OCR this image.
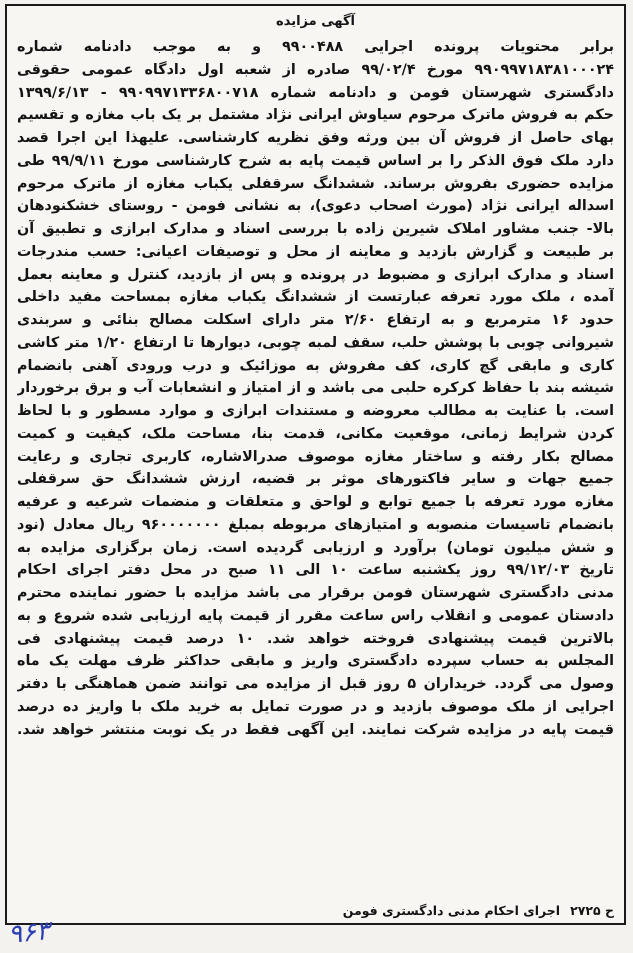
آگهی مزایده
برابر محتویات پرونده اجرایی ۹۹۰۰۴۸۸ و به موجب دادنامه شماره
۹۹۰۹۹۷۱۸۳۸۱۰۰۰۲۴ مورخ ۹۹/۰۲/۴ صادره از شعبه اول دادگاه عمومی حقوقی
دادگستری شهرستان فومن و دادنامه شماره ۹۹۰۹۹۷۱۳۳۶۸۰۰۷۱۸ - ۱۳۹۹/۶/۱۳
حکم به فروش ماترک مرحوم سیاوش ایرانی نژاد مشتمل بر یک باب مغازه و تقسیم
بهای حاصل از فروش آن بین ورثه وفق نظریه کارشناسی. علیهذا این اجرا قصد
دارد ملک فوق الذکر را بر اساس قیمت پایه به شرح کارشناسی مورخ ۹۹/۹/۱۱ طی
مزایده حضوری بفروش برساند. ششدانگ سرقفلی یکباب مغازه از ماترک مرحوم
اسداله ایرانی نژاد (مورث اصحاب دعوی)، به نشانی فومن - روستای خشکنودهان
بالا- جنب مشاور املاک شیرین زاده با بررسی اسناد و مدارک ابرازی و تطبیق آن
بر طبیعت و گزارش بازدید و معاینه از محل و توصیفات اعیانی: حسب مندرجات
اسناد و مدارک ابرازی و مضبوط در پرونده و پس از بازدید، کنترل و معاینه بعمل
آمده ، ملک مورد تعرفه عبارتست از ششدانگ یکباب مغازه بمساحت مفید داخلی
حدود ۱۶ مترمربع و به ارتفاع ۲/۶۰ متر دارای اسکلت مصالح بنائی و سربندی
شیروانی چوبی با پوشش حلب، سقف لمبه چوبی، دیوارها تا ارتفاع ۱/۲۰ متر کاشی
کاری و مابقی گچ کاری، کف مفروش به موزائیک و درب ورودی آهنی بانضمام
شیشه بند با حفاظ کرکره حلبی می باشد و از امتیاز و انشعابات آب و برق برخوردار
است. با عنایت به مطالب معروضه و مستندات ابرازی و موارد مسطور و با لحاظ
کردن شرایط زمانی، موقعیت مکانی، قدمت بنا، مساحت ملک، کیفیت و کمیت
مصالح بکار رفته و ساختار مغازه موصوف صدرالاشاره، کاربری تجاری و رعایت
جمیع جهات و سایر فاکتورهای موثر بر قضیه، ارزش ششدانگ حق سرقفلی
مغازه مورد تعرفه با جمیع توابع و لواحق و متعلقات و منضمات شرعیه و عرفیه
بانضمام تاسیسات منصوبه و امتیازهای مربوطه بمبلغ ۹۶۰۰۰۰۰۰۰ ریال معادل (نود
و شش میلیون تومان) برآورد و ارزیابی گردیده است. زمان برگزاری مزایده به
تاریخ ۹۹/۱۲/۰۳ روز یکشنبه ساعت ۱۰ الی ۱۱ صبح در محل دفتر اجرای احکام
مدنی دادگستری شهرستان فومن برقرار می باشد مزایده با حضور نماینده محترم
دادستان عمومی و انقلاب راس ساعت مقرر از قیمت پایه ارزیابی شده شروع و به
بالاترین قیمت پیشنهادی فروخته خواهد شد. ۱۰ درصد قیمت پیشنهادی فی
المجلس به حساب سپرده دادگستری واریز و مابقی حداکثر ظرف مهلت یک ماه
وصول می گردد. خریداران ۵ روز قبل از مزایده می توانند ضمن هماهنگی با دفتر
اجرایی از ملک موصوف بازدید و در صورت تمایل به خرید ملک با واریز ده درصد
قیمت پایه در مزایده شرکت نمایند. این آگهی فقط در یک نوبت منتشر خواهد شد.
ح ۲۷۲۵
اجرای احکام مدنی دادگستری فومن
۹۶۳
